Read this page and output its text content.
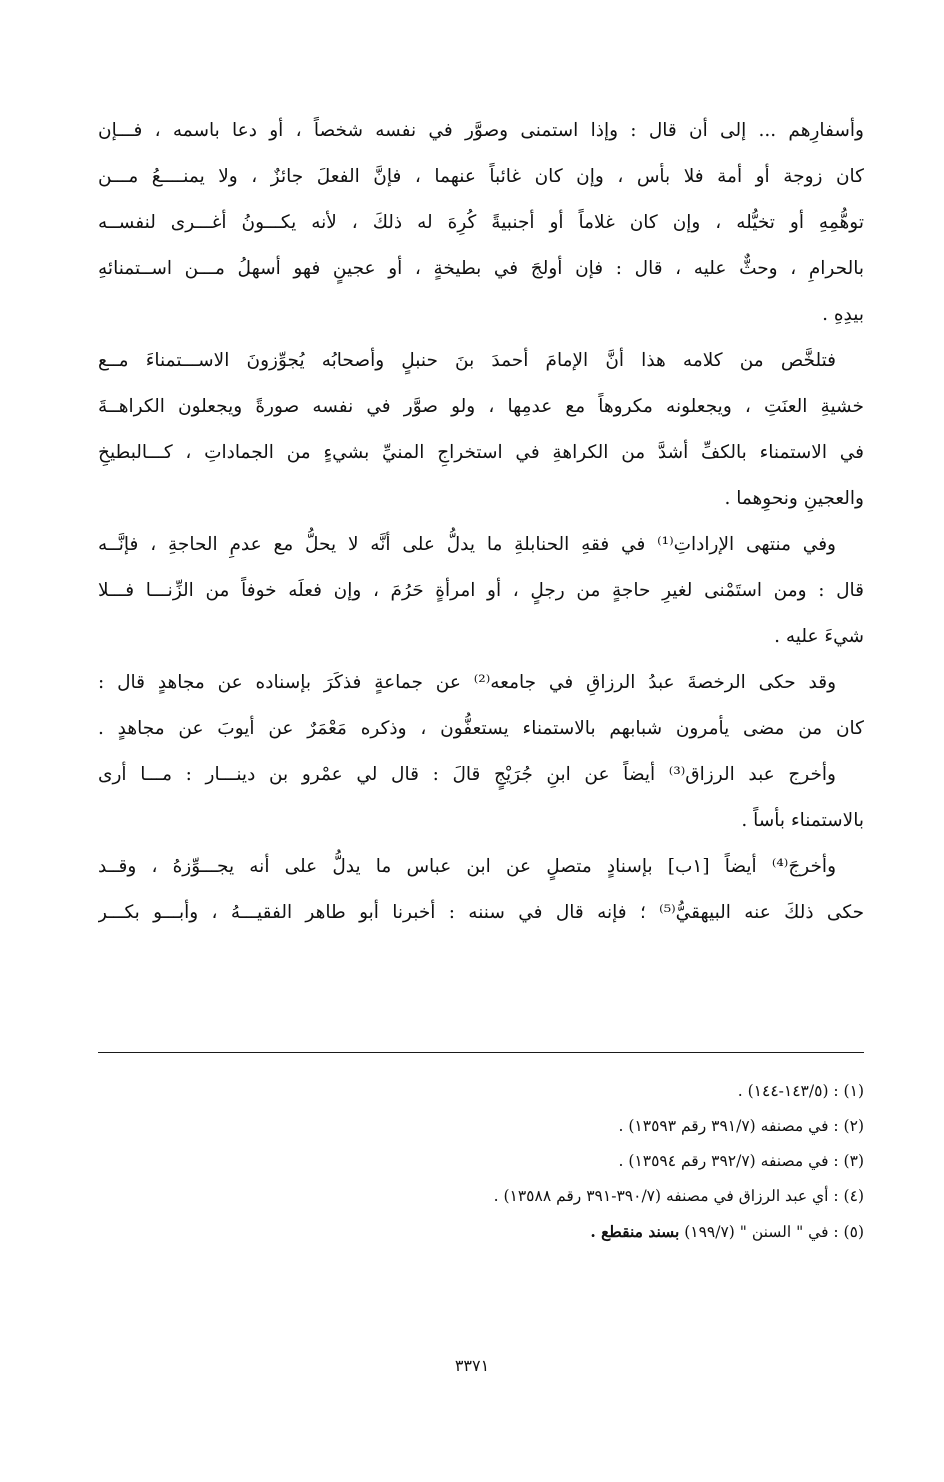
وأسفارِهم ... إلى أن قال : وإذا استمنى وصوَّر في نفسه شخصاً ، أو دعا باسمه ، فـــإن
كان زوجة أو أمة فلا بأس ، وإن كان غائباً عنهما ، فإنَّ الفعلَ جائزٌ ، ولا يمنــــعُ مـــن
توهُّمِهِ أو تخيُّله ، وإن كان غلاماً أو أجنبيةً كُرِهَ له ذلكَ ، لأنه يكـــونُ أغـــرى لنفســه
بالحرامِ ، وحثٌّ عليه ، قال : فإن أولجَ في بطيخةٍ ، أو عجينٍ فهو أسهلُ مـــن اســتمنائهِ
بيدِهِ .
فتلخَّص من كلامه هذا أنَّ الإمامَ أحمدَ بنَ حنبلٍ وأصحابُه يُجوِّزونَ الاســـتمناءَ مــع
خشيةِ العنَتِ ، ويجعلونه مكروهاً مع عدمِها ، ولو صوَّر في نفسه صورةً ويجعلون الكراهــةَ
في الاستمناء بالكفِّ أشدَّ من الكراهةِ في استخراجِ المنيِّ بشيءٍ من الجماداتِ ، كـــالبطيخِ
والعجينِ ونحوِهما .
وفي منتهى الإراداتِ⁽¹⁾ في فقهِ الحنابلةِ ما يدلُّ على أنَّه لا يحلُّ مع عدمِ الحاجةِ ، فإنَّــه
قال : ومن استَمْنى لغيرِ حاجةٍ من رجلٍ ، أو امرأةٍ حَرُمَ ، وإن فعلَه خوفاً من الزِّنـــا فـــلا
شيءَ عليه .
وقد حكى الرخصةَ عبدُ الرزاقِ في جامعه⁽²⁾ عن جماعةٍ فذكَرَ بإسناده عن مجاهدٍ قال :
كان من مضى يأمرون شبابهم بالاستمناء يستعفُّون ، وذكره مَعْمَرٌ عن أيوبَ عن مجاهدٍ .
وأخرج عبد الرزاق⁽³⁾ أيضاً عن ابنِ جُرَيْجٍ قالَ : قال لي عمْرو بن دينـــار : مـــا أرى
بالاستمناء بأساً .
وأخرجَ⁽⁴⁾ أيضاً [١ب] بإسنادٍ متصلٍ عن ابن عباس ما يدلُّ على أنه يجـــوِّزهُ ، وقــد
حكى ذلكَ عنه البيهقيُّ⁽⁵⁾ ؛ فإنه قال في سننه : أخبرنا أبو طاهر الفقيـــهُ ، وأبـــو بكـــر
(١) : (١٤٣/٥-١٤٤) .
(٢) : في مصنفه (٣٩١/٧ رقم ١٣٥٩٣) .
(٣) : في مصنفه (٣٩٢/٧ رقم ١٣٥٩٤) .
(٤) : أي عبد الرزاق في مصنفه (٣٩٠/٧-٣٩١ رقم ١٣٥٨٨) .
(٥) : في " السنن " (١٩٩/٧) بسند منقطع .
٣٣٧١
